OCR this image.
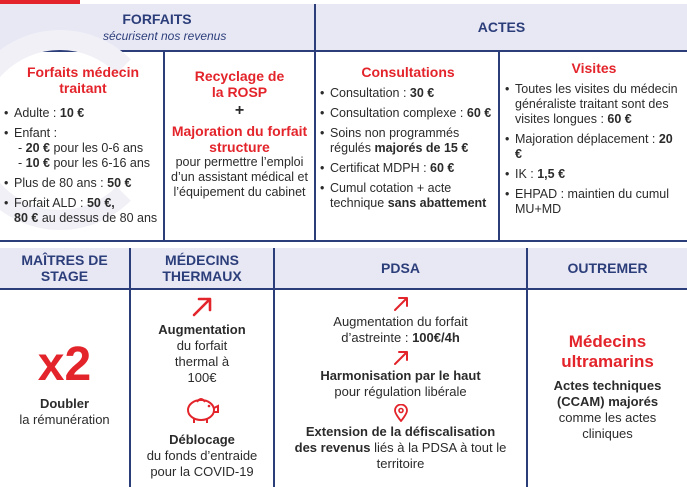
FORFAITS
→ sécurisent nos revenus
ACTES
Forfaits médecin traitant
• Adulte : 10 €
• Enfant :
- 20 € pour les 0-6 ans
- 10 € pour les 6-16 ans
• Plus de 80 ans : 50 €
• Forfait ALD : 50 €,
80 € au dessus de 80 ans
Recyclage de la ROSP
+
Majoration du forfait structure
pour permettre l’emploi d’un assistant médical et l’équipement du cabinet
Consultations
• Consultation : 30 €
• Consultation complexe : 60 €
• Soins non programmés régulés majorés de 15 €
• Certificat MDPH : 60 €
• Cumul cotation + acte technique sans abattement
Visites
• Toutes les visites du médecin généraliste traitant sont des visites longues : 60 €
• Majoration déplacement : 20 €
• IK : 1,5 €
• EHPAD : maintien du cumul MU+MD
MAÎTRES DE STAGE
MÉDECINS THERMAUX	PDSA	OUTREMER
x2
Doubler
la rémunération
Augmentation
du forfait thermal à 100€
Déblocage
du fonds d’entraide pour la COVID-19
Augmentation du forfait d’astreinte : 100€/4h
Harmonisation par le haut
pour régulation libérale
Extension de la défiscalisation des revenus liés à la PDSA à tout le territoire
Médecins ultramarins
Actes techniques (CCAM) majorés
comme les actes cliniques
